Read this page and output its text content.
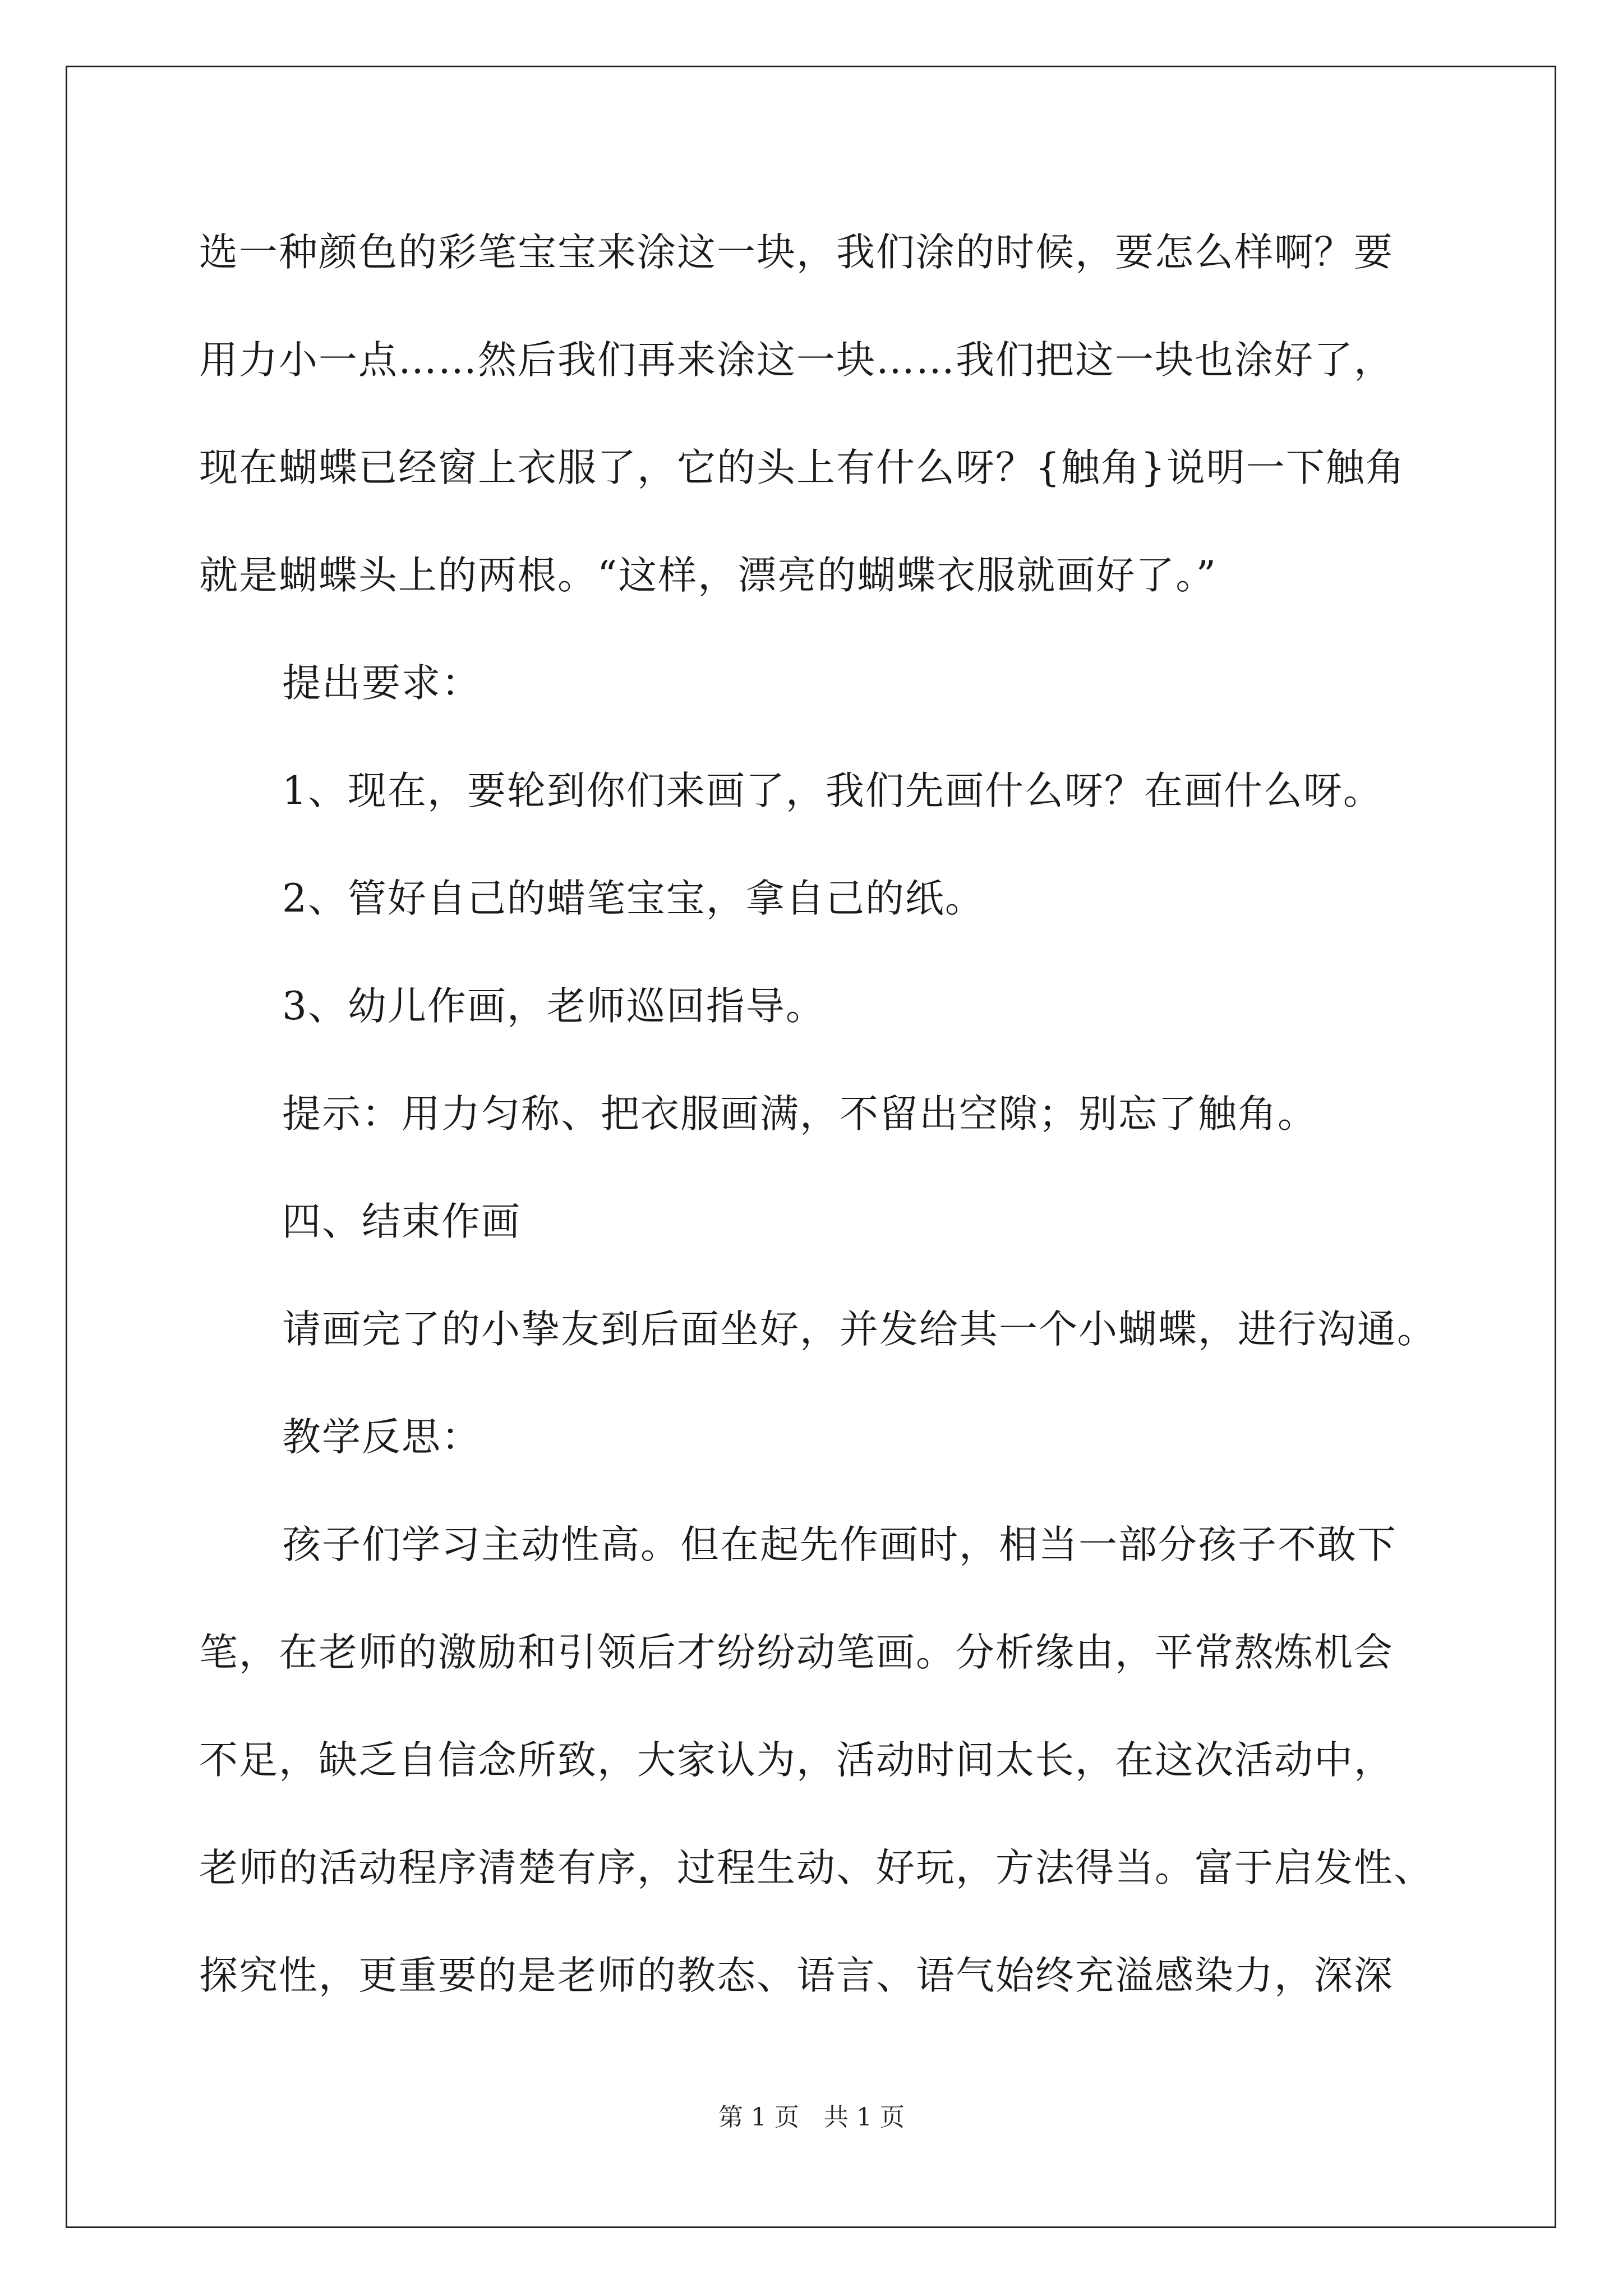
选一种颜色的彩笔宝宝来涂这一块，我们涂的时候，要怎么样啊？要
用力小一点……然后我们再来涂这一块……我们把这一块也涂好了，
现在蝴蝶已经窗上衣服了，它的头上有什么呀？{触角}说明一下触角
就是蝴蝶头上的两根。“这样，漂亮的蝴蝶衣服就画好了。”
提出要求：
1、现在，要轮到你们来画了，我们先画什么呀？在画什么呀。
2、管好自己的蜡笔宝宝，拿自己的纸。
3、幼儿作画，老师巡回指导。
提示：用力匀称、把衣服画满，不留出空隙；别忘了触角。
四、结束作画
请画完了的小挚友到后面坐好，并发给其一个小蝴蝶，进行沟通。
教学反思：
孩子们学习主动性高。但在起先作画时，相当一部分孩子不敢下
笔，在老师的激励和引领后才纷纷动笔画。分析缘由，平常熬炼机会
不足，缺乏自信念所致，大家认为，活动时间太长，在这次活动中，
老师的活动程序清楚有序，过程生动、好玩，方法得当。富于启发性、
探究性，更重要的是老师的教态、语言、语气始终充溢感染力，深深
第 1 页　共 1 页
